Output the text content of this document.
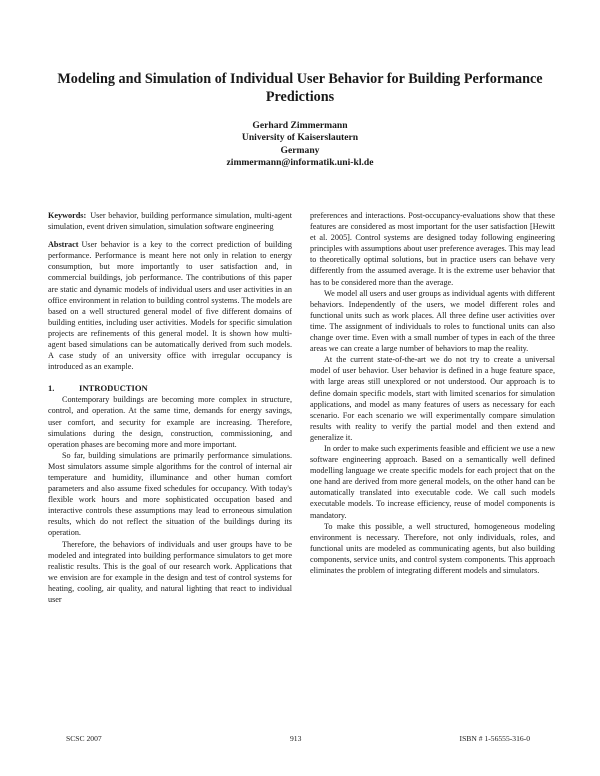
Modeling and Simulation of Individual User Behavior for Building Performance Predictions
Gerhard Zimmermann
University of Kaiserslautern
Germany
zimmermann@informatik.uni-kl.de

Keywords: User behavior, building performance simulation, multi-agent simulation, event driven simulation, simulation software engineering

Abstract User behavior is a key to the correct prediction of building performance. Performance is meant here not only in relation to energy consumption, but more importantly to user satisfaction and, in commercial buildings, job performance. The contributions of this paper are static and dynamic models of individual users and user activities in an office environment in relation to building control systems. The models are based on a well structured general model of five different domains of building entities, including user activities. Models for specific simulation projects are refinements of this general model. It is shown how multi-agent based simulations can be automatically derived from such models. A case study of an university office with irregular occupancy is introduced as an example.

1.	INTRODUCTION

Contemporary buildings are becoming more complex in structure, control, and operation. At the same time, demands for energy savings, user comfort, and security for example are increasing. Therefore, simulations during the design, construction, commissioning, and operation phases are becoming more and more important.

So far, building simulations are primarily performance simulations. Most simulators assume simple algorithms for the control of internal air temperature and humidity, illuminance and other human comfort parameters and also assume fixed schedules for occupancy. With today's flexible work hours and more sophisticated occupation based and interactive controls these assumptions may lead to erroneous simulation results, which do not reflect the situation of the buildings during its operation.

Therefore, the behaviors of individuals and user groups have to be modeled and integrated into building performance simulators to get more realistic results. This is the goal of our research work. Applications that we envision are for example in the design and test of control systems for heating, cooling, air quality, and natural lighting that react to individual user

preferences and interactions. Post-occupancy-evaluations show that these features are considered as most important for the user satisfaction [Hewitt et al. 2005]. Control systems are designed today following engineering principles with assumptions about user preference averages. This may lead to theoretically optimal solutions, but in practice users can behave very differently from the assumed average. It is the extreme user behavior that has to be considered more than the average.

We model all users and user groups as individual agents with different behaviors. Independently of the users, we model different roles and functional units such as work places. All three define user activities over time. The assignment of individuals to roles to functional units can also change over time. Even with a small number of types in each of the three areas we can create a large number of behaviors to map the reality.

At the current state-of-the-art we do not try to create a universal model of user behavior. User behavior is defined in a huge feature space, with large areas still unexplored or not understood. Our approach is to define domain specific models, start with limited scenarios for simulation applications, and model as many features of users as necessary for each scenario. For each scenario we will experimentally compare simulation results with reality to verify the partial model and then extend and generalize it.

In order to make such experiments feasible and efficient we use a new software engineering approach. Based on a semantically well defined modelling language we create specific models for each project that on the one hand are derived from more general models, on the other hand can be automatically translated into executable code. We call such models executable models. To increase efficiency, reuse of model components is mandatory.

To make this possible, a well structured, homogeneous modeling environment is necessary. Therefore, not only individuals, roles, and functional units are modeled as communicating agents, but also building components, service units, and control system components. This approach eliminates the problem of integrating different models and simulators.

SCSC 2007	913	ISBN # 1-56555-316-0
